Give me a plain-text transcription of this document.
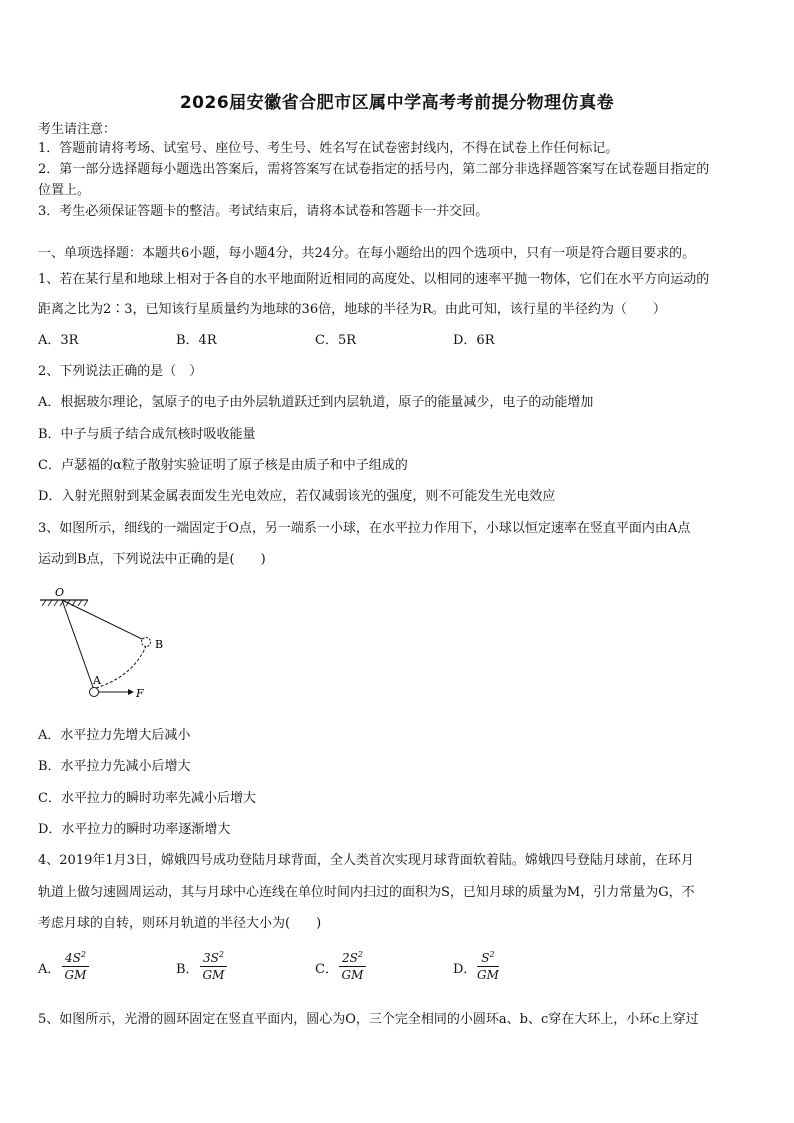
2026届安徽省合肥市区属中学高考考前提分物理仿真卷
考生请注意：
1．答题前请将考场、试室号、座位号、考生号、姓名写在试卷密封线内，不得在试卷上作任何标记。
2．第一部分选择题每小题选出答案后，需将答案写在试卷指定的括号内，第二部分非选择题答案写在试卷题目指定的
位置上。
3．考生必须保证答题卡的整洁。考试结束后，请将本试卷和答题卡一并交回。
一、单项选择题：本题共6小题，每小题4分，共24分。在每小题给出的四个选项中，只有一项是符合题目要求的。
1、若在某行星和地球上相对于各自的水平地面附近相同的高度处、以相同的速率平抛一物体，它们在水平方向运动的
距离之比为2∶3，已知该行星质量约为地球的36倍，地球的半径为R。由此可知，该行星的半径约为（　　）
A．3R	B．4R	C．5R	D．6R
2、下列说法正确的是（　）
A．根据玻尔理论，氢原子的电子由外层轨道跃迁到内层轨道，原子的能量减少，电子的动能增加
B．中子与质子结合成氘核时吸收能量
C．卢瑟福的α粒子散射实验证明了原子核是由质子和中子组成的
D．入射光照射到某金属表面发生光电效应，若仅减弱该光的强度，则不可能发生光电效应
3、如图所示，细线的一端固定于O点，另一端系一小球，在水平拉力作用下，小球以恒定速率在竖直平面内由A点
运动到B点，下列说法中正确的是(　　)
O
B
A
F
A．水平拉力先增大后减小
B．水平拉力先减小后增大
C．水平拉力的瞬时功率先减小后增大
D．水平拉力的瞬时功率逐渐增大
4、2019年1月3日，嫦娥四号成功登陆月球背面，全人类首次实现月球背面软着陆。嫦娥四号登陆月球前，在环月
轨道上做匀速圆周运动，其与月球中心连线在单位时间内扫过的面积为S，已知月球的质量为M，引力常量为G，不
考虑月球的自转，则环月轨道的半径大小为(　　)
A． $\frac{4S^2}{GM}$	B． $\frac{3S^2}{GM}$	C． $\frac{2S^2}{GM}$	D． $\frac{S^2}{GM}$
5、如图所示，光滑的圆环固定在竖直平面内，圆心为O，三个完全相同的小圆环a、b、c穿在大环上，小环c上穿过
